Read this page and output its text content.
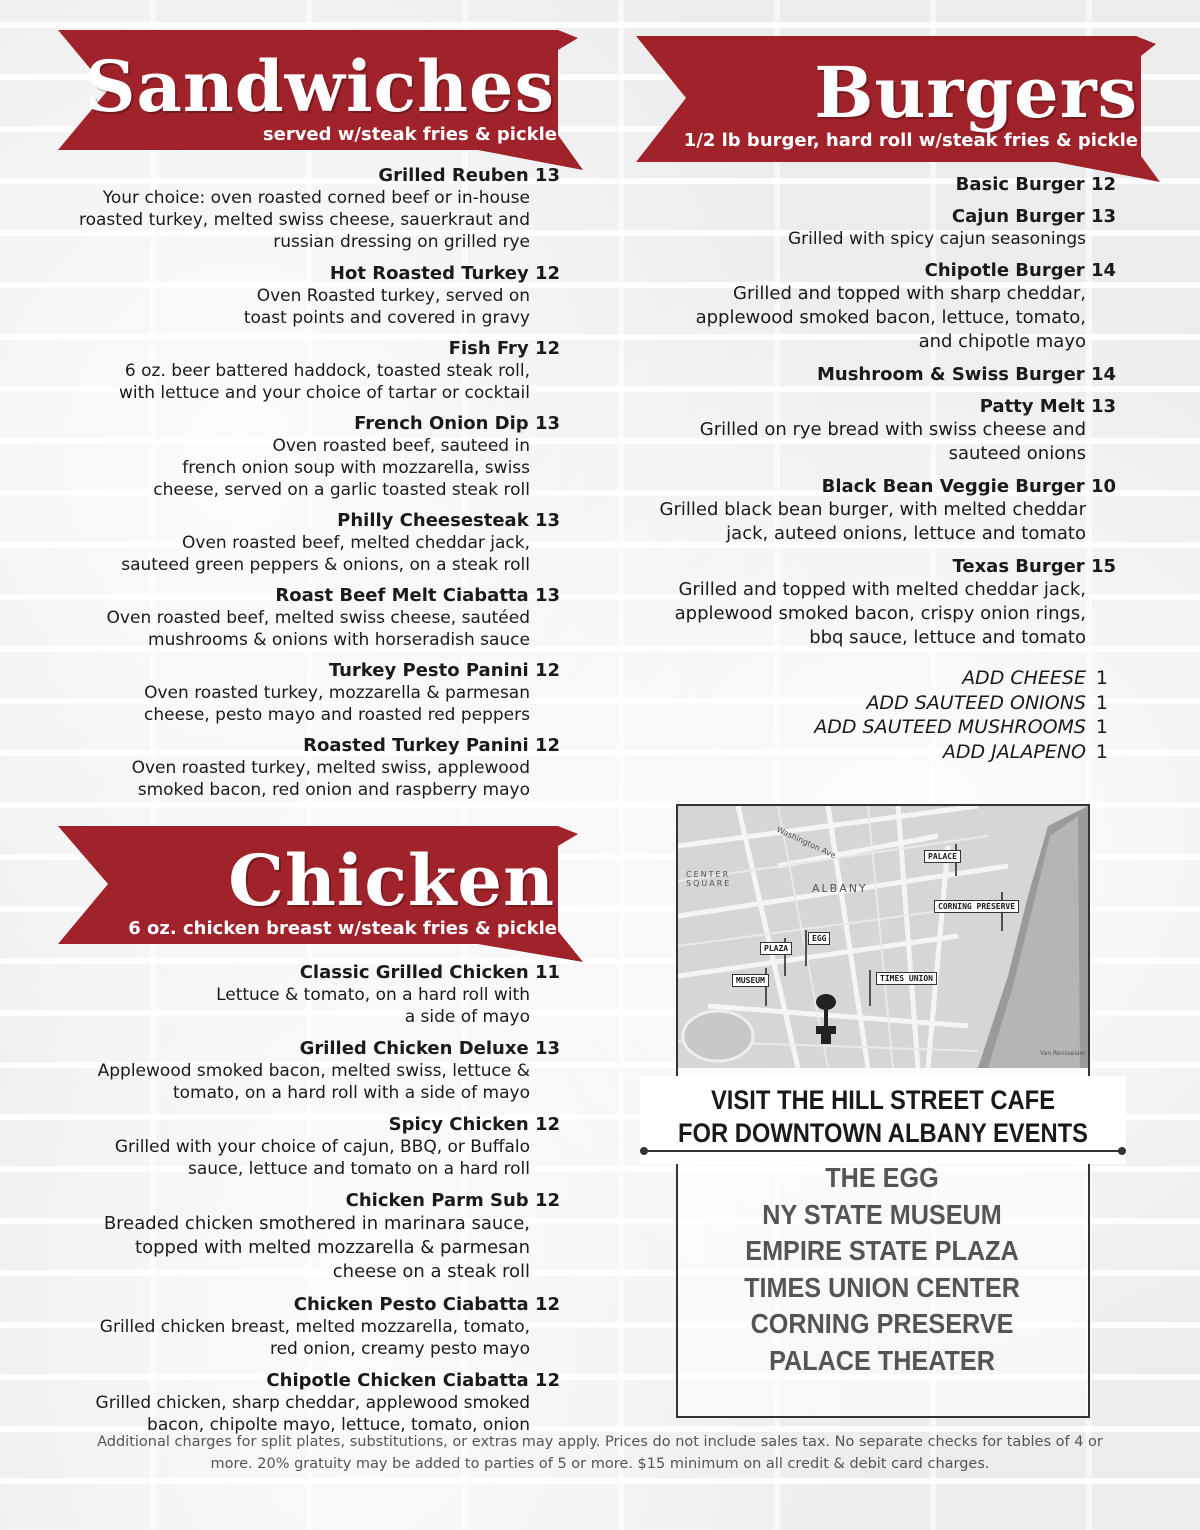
Sandwiches
served w/steak fries & pickle
Burgers
1/2 lb burger, hard roll w/steak fries & pickle
Chicken
6 oz. chicken breast w/steak fries & pickle
Grilled Reuben 13
Your choice: oven roasted corned beef or in-house
roasted turkey, melted swiss cheese, sauerkraut and
russian dressing on grilled rye
Hot Roasted Turkey 12
Oven Roasted turkey, served on
toast points and covered in gravy
Fish Fry 12
6 oz. beer battered haddock, toasted steak roll,
with lettuce and your choice of tartar or cocktail
French Onion Dip 13
Oven roasted beef, sauteed in
french onion soup with mozzarella, swiss
cheese, served on a garlic toasted steak roll
Philly Cheesesteak 13
Oven roasted beef, melted cheddar jack,
sauteed green peppers & onions, on a steak roll
Roast Beef Melt Ciabatta 13
Oven roasted beef, melted swiss cheese, sautéed
mushrooms & onions with horseradish sauce
Turkey Pesto Panini 12
Oven roasted turkey, mozzarella & parmesan
cheese, pesto mayo and roasted red peppers
Roasted Turkey Panini 12
Oven roasted turkey, melted swiss, applewood
smoked bacon, red onion and raspberry mayo
Basic Burger 12
Cajun Burger 13
Grilled with spicy cajun seasonings
Chipotle Burger 14
Grilled and topped with sharp cheddar,
applewood smoked bacon, lettuce, tomato,
and chipotle mayo
Mushroom & Swiss Burger 14
Patty Melt 13
Grilled on rye bread with swiss cheese and
sauteed onions
Black Bean Veggie Burger 10
Grilled black bean burger, with melted cheddar
jack, auteed onions, lettuce and tomato
Texas Burger 15
Grilled and topped with melted cheddar jack,
applewood smoked bacon, crispy onion rings,
bbq sauce, lettuce and tomato
ADD CHEESE 1
ADD SAUTEED ONIONS 1
ADD SAUTEED MUSHROOMS 1
ADD JALAPENO 1
Classic Grilled Chicken 11
Lettuce & tomato, on a hard roll with
a side of mayo
Grilled Chicken Deluxe 13
Applewood smoked bacon, melted swiss, lettuce &
tomato, on a hard roll with a side of mayo
Spicy Chicken 12
Grilled with your choice of cajun, BBQ, or Buffalo
sauce, lettuce and tomato on a hard roll
Chicken Parm Sub 12
Breaded chicken smothered in marinara sauce,
topped with melted mozzarella & parmesan
cheese on a steak roll
Chicken Pesto Ciabatta 12
Grilled chicken breast, melted mozzarella, tomato,
red onion, creamy pesto mayo
Chipotle Chicken Ciabatta 12
Grilled chicken, sharp cheddar, applewood smoked
bacon, chipolte mayo, lettuce, tomato, onion
PALACE
CORNING PRESERVE
EGG
PLAZA
MUSEUM	TIMES UNION
ALBANY
CENTER
SQUARE
Washington Ave
Van Rensselaer
VISIT THE HILL STREET CAFE
FOR DOWNTOWN ALBANY EVENTS
THE EGG
NY STATE MUSEUM
EMPIRE STATE PLAZA
TIMES UNION CENTER
CORNING PRESERVE
PALACE THEATER
Additional charges for split plates, substitutions, or extras may apply. Prices do not include sales tax. No separate checks for tables of 4 or
more. 20% gratuity may be added to parties of 5 or more. $15 minimum on all credit & debit card charges.
